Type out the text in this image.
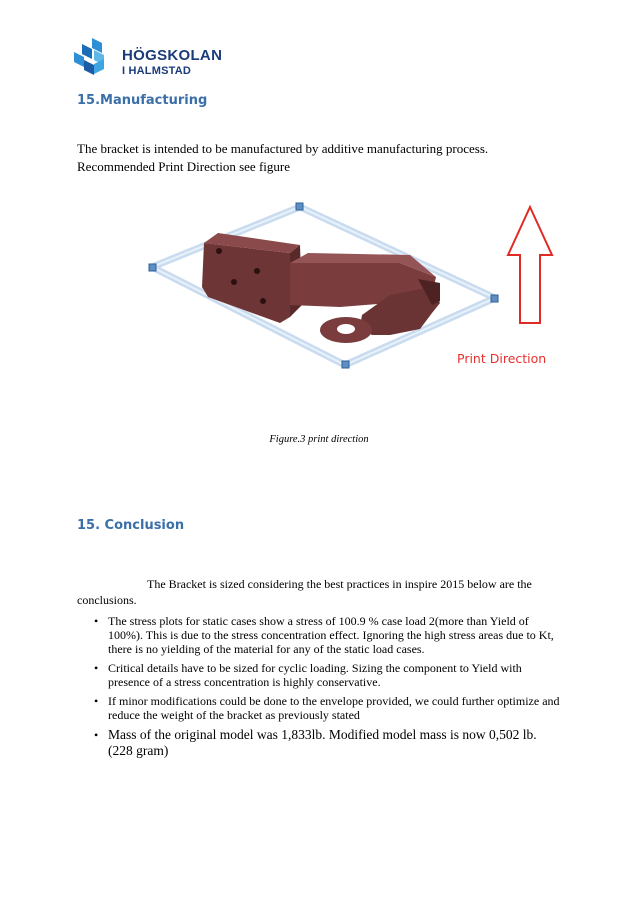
HÖGSKOLAN
I HALMSTAD
15.Manufacturing
The bracket is intended to be manufactured by additive manufacturing process.
Recommended Print Direction see figure
Print Direction
Figure.3 print direction
15. Conclusion
The Bracket is sized considering the best practices in inspire 2015 below are the
conclusions.
• The stress plots for static cases show a stress of 100.9 % case load 2(more than Yield of 100%). This is due to the stress concentration effect. Ignoring the high stress areas due to Kt, there is no yielding of the material for any of the static load cases.
• Critical details have to be sized for cyclic loading. Sizing the component to Yield with presence of a stress concentration is highly conservative.
• If minor modifications could be done to the envelope provided, we could further optimize and reduce the weight of the bracket as previously stated
• Mass of the original model was 1,833lb. Modified model mass is now 0,502 lb. (228 gram)
